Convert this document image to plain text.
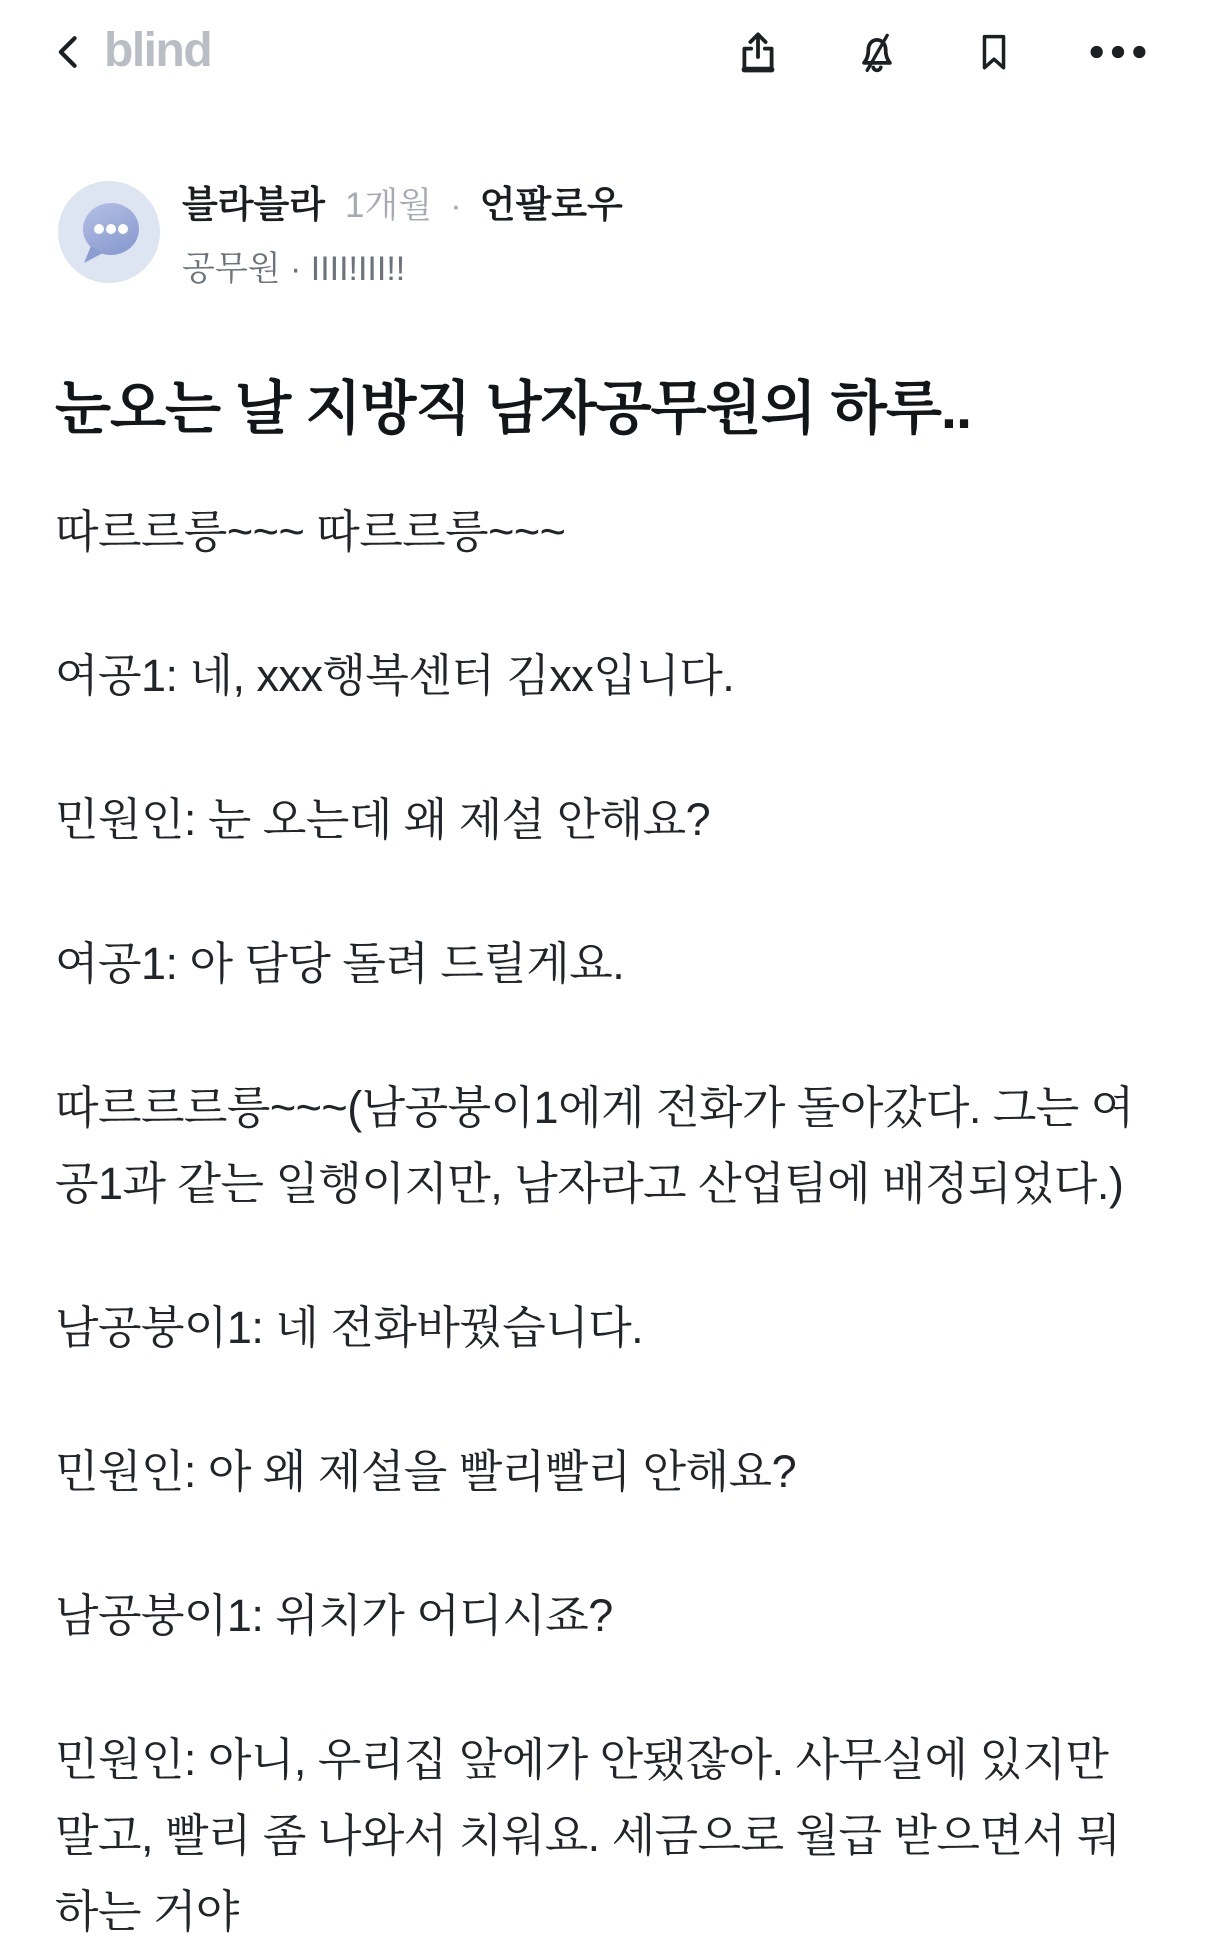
blind
블라블라 1개월 · 언팔로우
공무원 · IIII!III!!
눈오는 날 지방직 남자공무원의 하루..

따르르릉~~~ 따르르릉~~~

여공1: 네, xxx행복센터 김xx입니다.

민원인: 눈 오는데 왜 제설 안해요?

여공1: 아 담당 돌려 드릴게요.

따르르르릉~~~(남공붕이1에게 전화가 돌아갔다. 그는 여공1과 같는 일행이지만, 남자라고 산업팀에 배정되었다.)

남공붕이1: 네 전화바꿨습니다.

민원인: 아 왜 제설을 빨리빨리 안해요?

남공붕이1: 위치가 어디시죠?

민원인: 아니, 우리집 앞에가 안됐잖아. 사무실에 있지만 말고, 빨리 좀 나와서 치워요. 세금으로 월급 받으면서 뭐하는 거야
